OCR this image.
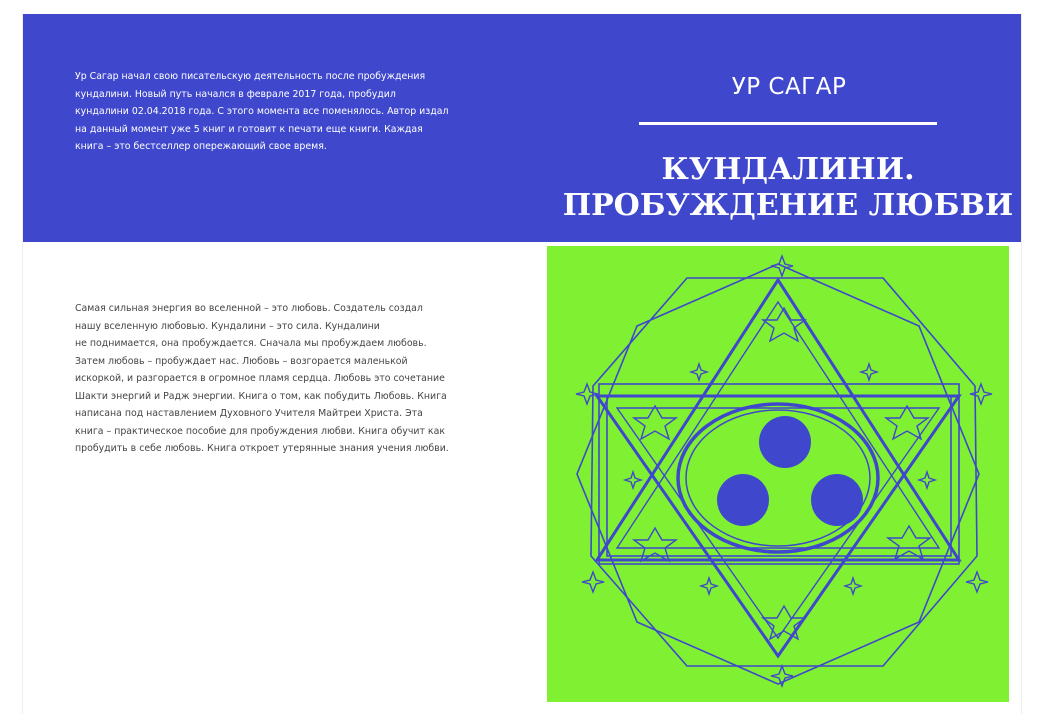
Ур Сагар начал свою писательскую деятельность после пробуждения
кундалини. Новый путь начался в феврале 2017 года, пробудил
кундалини 02.04.2018 года. С этого момента все поменялось. Автор издал
на данный момент уже 5 книг и готовит к печати еще книги. Каждая
книга – это бестселлер опережающий свое время.

УР САГАР
КУНДАЛИНИ.
ПРОБУЖДЕНИЕ ЛЮБВИ

Самая сильная энергия во вселенной – это любовь. Создатель создал
нашу вселенную любовью. Кундалини – это сила. Кундалини
не поднимается, она пробуждается. Сначала мы пробуждаем любовь.
Затем любовь – пробуждает нас. Любовь – возгорается маленькой
искоркой, и разгорается в огромное пламя сердца. Любовь это сочетание
Шакти энергий и Радж энергии. Книга о том, как побудить Любовь. Книга
написана под наставлением Духовного Учителя Майтреи Христа. Эта
книга – практическое пособие для пробуждения любви. Книга обучит как
пробудить в себе любовь. Книга откроет утерянные знания учения любви.
